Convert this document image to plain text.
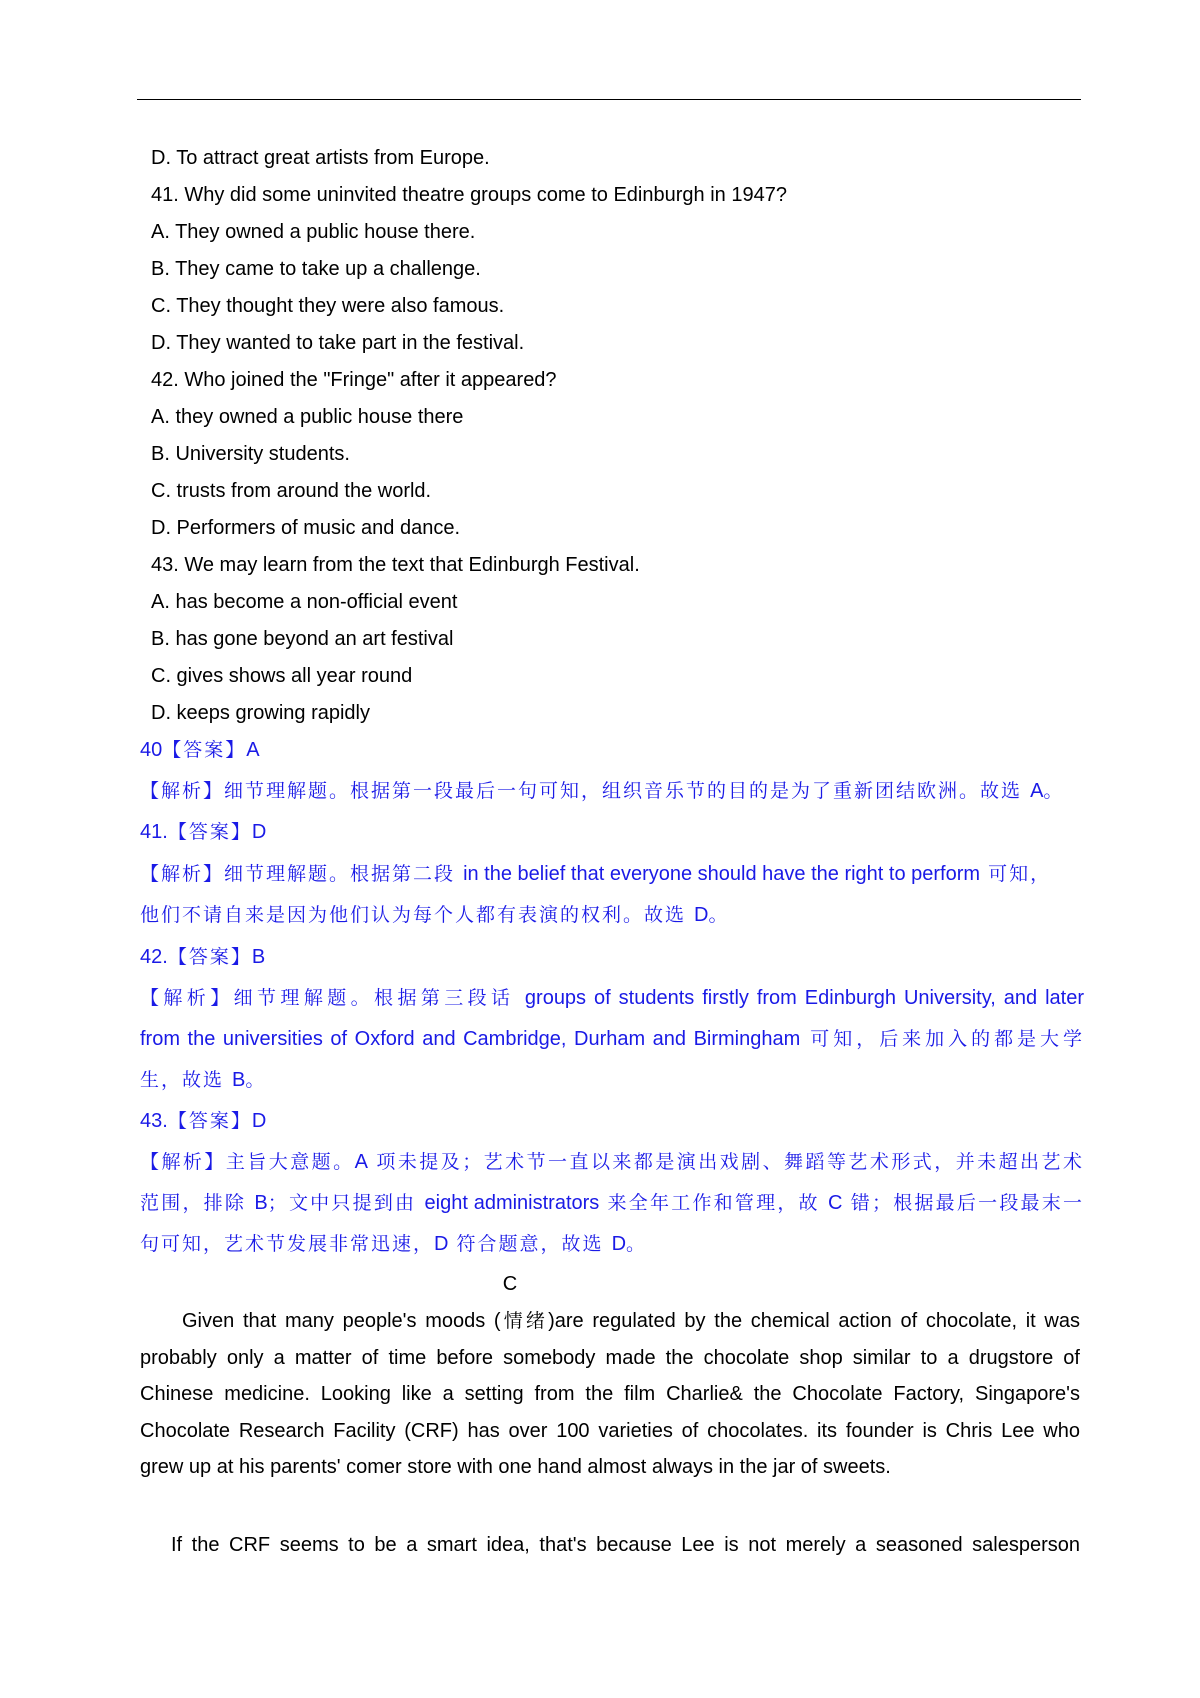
D. To attract great artists from Europe.
41. Why did some uninvited theatre groups come to Edinburgh in 1947?
A. They owned a public house there.
B. They came to take up a challenge.
C. They thought they were also famous.
D. They wanted to take part in the festival.
42. Who joined the "Fringe" after it appeared?
A. they owned a public house there
B. University students.
C. trusts from around the world.
D. Performers of music and dance.
43. We may learn from the text that Edinburgh Festival.
A. has become a non-official event
B. has gone beyond an art festival
C. gives shows all year round
D. keeps growing rapidly
40【答案】A
【解析】细节理解题。根据第一段最后一句可知，组织音乐节的目的是为了重新团结欧洲。故选 A。
41.【答案】D
【解析】细节理解题。根据第二段 in the belief that everyone should have the right to perform 可知，
他们不请自来是因为他们认为每个人都有表演的权利。故选 D。
42.【答案】B
【解析】细节理解题。根据第三段话 groups of students firstly from Edinburgh University, and later
from the universities of Oxford and Cambridge, Durham and Birmingham 可知，后来加入的都是大学
生，故选 B。
43.【答案】D
【解析】主旨大意题。A 项未提及；艺术节一直以来都是演出戏剧、舞蹈等艺术形式，并未超出艺术
范围，排除 B；文中只提到由 eight administrators 来全年工作和管理，故 C 错；根据最后一段最末一
句可知，艺术节发展非常迅速，D 符合题意，故选 D。
C
Given that many people's moods (情绪)are regulated by the chemical action of chocolate, it was probably only a matter of time before somebody made the chocolate shop similar to a drugstore of Chinese medicine. Looking like a setting from the film Charlie& the Chocolate Factory, Singapore's Chocolate Research Facility (CRF) has over 100 varieties of chocolates. its founder is Chris Lee who grew up at his parents' comer store with one hand almost always in the jar of sweets.
If the CRF seems to be a smart idea, that's because Lee is not merely a seasoned salesperson
